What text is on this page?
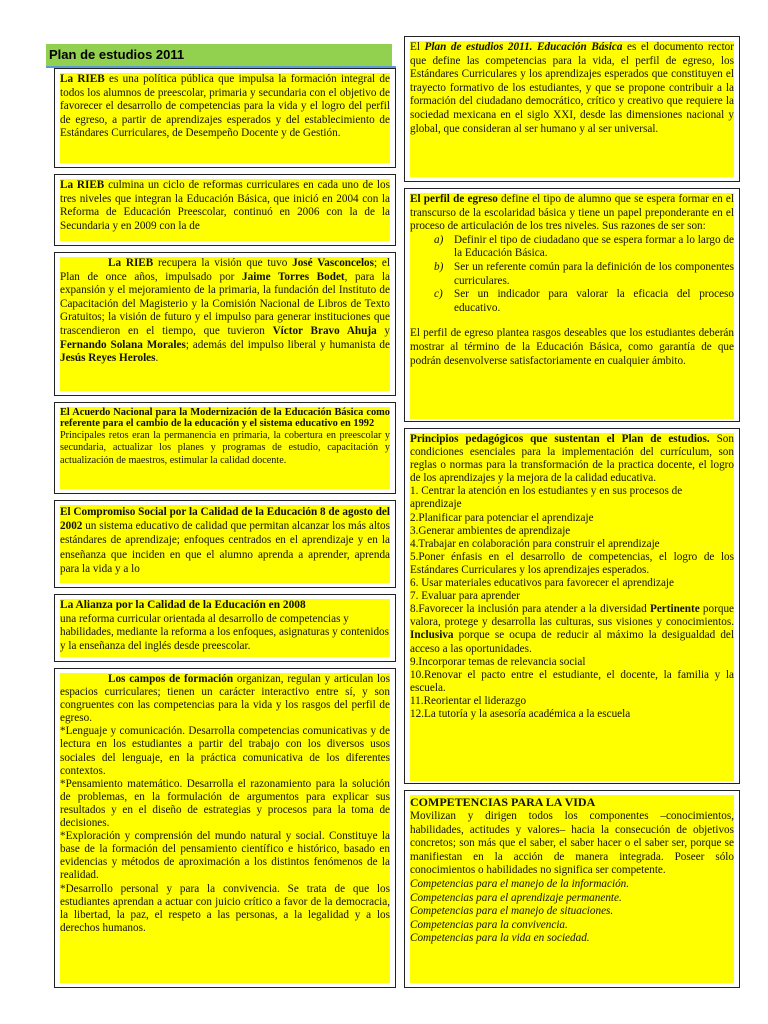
Plan de estudios 2011

La RIEB es una política pública que impulsa la formación integral de todos los alumnos de preescolar, primaria y secundaria con el objetivo de favorecer el desarrollo de competencias para la vida y el logro del perfil de egreso, a partir de aprendizajes esperados y del establecimiento de Estándares Curriculares, de Desempeño Docente y de Gestión.

La RIEB culmina un ciclo de reformas curriculares en cada uno de los tres niveles que integran la Educación Básica, que inició en 2004 con la Reforma de Educación Preescolar, continuó en 2006 con la de la Secundaria y en 2009 con la de

La RIEB recupera la visión que tuvo José Vasconcelos; el Plan de once años, impulsado por Jaime Torres Bodet, para la expansión y el mejoramiento de la primaria, la fundación del Instituto de Capacitación del Magisterio y la Comisión Nacional de Libros de Texto Gratuitos; la visión de futuro y el impulso para generar instituciones que trascendieron en el tiempo, que tuvieron Víctor Bravo Ahuja y Fernando Solana Morales; además del impulso liberal y humanista de Jesús Reyes Heroles.

El Acuerdo Nacional para la Modernización de la Educación Básica como referente para el cambio de la educación y el sistema educativo en 1992

Principales retos eran la permanencia en primaria, la cobertura en preescolar y secundaria, actualizar los planes y programas de estudio, capacitación y actualización de maestros, estimular la calidad docente.

El Compromiso Social por la Calidad de la Educación 8 de agosto del 2002 un sistema educativo de calidad que permitan alcanzar los más altos estándares de aprendizaje; enfoques centrados en el aprendizaje y en la enseñanza que inciden en que el alumno aprenda a aprender, aprenda para la vida y a lo

La Alianza por la Calidad de la Educación en 2008

una reforma curricular orientada al desarrollo de competencias y habilidades, mediante la reforma a los enfoques, asignaturas y contenidos y la enseñanza del inglés desde preescolar.

Los campos de formación organizan, regulan y articulan los espacios curriculares; tienen un carácter interactivo entre sí, y son congruentes con las competencias para la vida y los rasgos del perfil de egreso.

*Lenguaje y comunicación. Desarrolla competencias comunicativas y de lectura en los estudiantes a partir del trabajo con los diversos usos sociales del lenguaje, en la práctica comunicativa de los diferentes contextos.

*Pensamiento matemático. Desarrolla el razonamiento para la solución de problemas, en la formulación de argumentos para explicar sus resultados y en el diseño de estrategias y procesos para la toma de decisiones.

*Exploración y comprensión del mundo natural y social. Constituye la base de la formación del pensamiento científico e histórico, basado en evidencias y métodos de aproximación a los distintos fenómenos de la realidad.

*Desarrollo personal y para la convivencia. Se trata de que los estudiantes aprendan a actuar con juicio crítico a favor de la democracia, la libertad, la paz, el respeto a las personas, a la legalidad y a los derechos humanos.

El Plan de estudios 2011. Educación Básica es el documento rector que define las competencias para la vida, el perfil de egreso, los Estándares Curriculares y los aprendizajes esperados que constituyen el trayecto formativo de los estudiantes, y que se propone contribuir a la formación del ciudadano democrático, crítico y creativo que requiere la sociedad mexicana en el siglo XXI, desde las dimensiones nacional y global, que consideran al ser humano y al ser universal.

El perfil de egreso define el tipo de alumno que se espera formar en el transcurso de la escolaridad básica y tiene un papel preponderante en el proceso de articulación de los tres niveles. Sus razones de ser son:

a) Definir el tipo de ciudadano que se espera formar a lo largo de la Educación Básica.
b) Ser un referente común para la definición de los componentes curriculares.
c) Ser un indicador para valorar la eficacia del proceso educativo.

El perfil de egreso plantea rasgos deseables que los estudiantes deberán mostrar al término de la Educación Básica, como garantía de que podrán desenvolverse satisfactoriamente en cualquier ámbito.

Principios pedagógicos que sustentan el Plan de estudios. Son condiciones esenciales para la implementación del currículum, son reglas o normas para la transformación de la practica docente, el logro de los aprendizajes y la mejora de la calidad educativa.

1. Centrar la atención en los estudiantes y en sus procesos de aprendizaje

2.Planificar para potenciar el aprendizaje

3.Generar ambientes de aprendizaje

4.Trabajar en colaboración para construir el aprendizaje

5.Poner énfasis en el desarrollo de competencias, el logro de los Estándares Curriculares y los aprendizajes esperados.

6. Usar materiales educativos para favorecer el aprendizaje

7. Evaluar para aprender

8.Favorecer la inclusión para atender a la diversidad Pertinente porque valora, protege y desarrolla las culturas, sus visiones y conocimientos. Inclusiva porque se ocupa de reducir al máximo la desigualdad del acceso a las oportunidades.

9.Incorporar temas de relevancia social

10.Renovar el pacto entre el estudiante, el docente, la familia y la escuela.

11.Reorientar el liderazgo

12.La tutoría y la asesoría académica a la escuela

COMPETENCIAS PARA LA VIDA

Movilizan y dirigen todos los componentes –conocimientos, habilidades, actitudes y valores– hacia la consecución de objetivos concretos; son más que el saber, el saber hacer o el saber ser, porque se manifiestan en la acción de manera integrada. Poseer sólo conocimientos o habilidades no significa ser competente.

Competencias para el manejo de la información.

Competencias para el aprendizaje permanente.

Competencias para el manejo de situaciones.

Competencias para la convivencia.

Competencias para la vida en sociedad.
